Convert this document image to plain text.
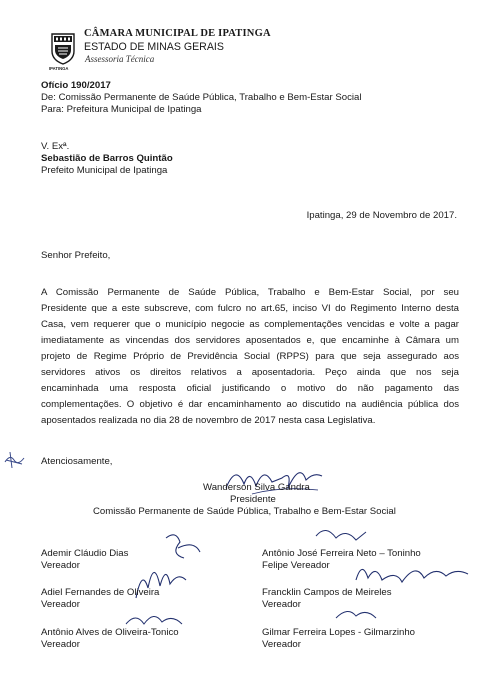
IPATINGA
CÂMARA MUNICIPAL DE IPATINGA
ESTADO DE MINAS GERAIS
Assessoria Técnica
Ofício 190/2017
De: Comissão Permanente de Saúde Pública, Trabalho e Bem-Estar Social
Para: Prefeitura Municipal de Ipatinga
V. Exª.
Sebastião de Barros Quintão
Prefeito Municipal de Ipatinga
Ipatinga, 29 de Novembro de 2017.
Senhor Prefeito,
A Comissão Permanente de Saúde Pública, Trabalho e Bem-Estar Social, por seu
Presidente que a este subscreve, com fulcro no art.65, inciso VI do Regimento Interno desta
Casa, vem requerer que o município negocie as complementações vencidas e volte a pagar
imediatamente as vincendas dos servidores aposentados e, que encaminhe à Câmara um
projeto de Regime Próprio de Previdência Social (RPPS) para que seja assegurado aos
servidores ativos os direitos relativos a aposentadoria. Peço ainda que nos seja
encaminhada uma resposta oficial justificando o motivo do não pagamento das
complementações. O objetivo é dar encaminhamento ao discutido na audiência pública dos
aposentados realizada no dia 28 de novembro de 2017 nesta casa Legislativa.
Atenciosamente,
Wanderson Silva Gandra
Presidente
Comissão Permanente de Saúde Pública, Trabalho e Bem-Estar Social
Ademir Cláudio Dias
Vereador
Antônio José Ferreira Neto – Toninho
Felipe Vereador
Adiel Fernandes de Oliveira
Vereador
Francklin Campos de Meireles
Vereador
Antônio Alves de Oliveira-Tonico
Vereador
Gilmar Ferreira Lopes - Gilmarzinho
Vereador
